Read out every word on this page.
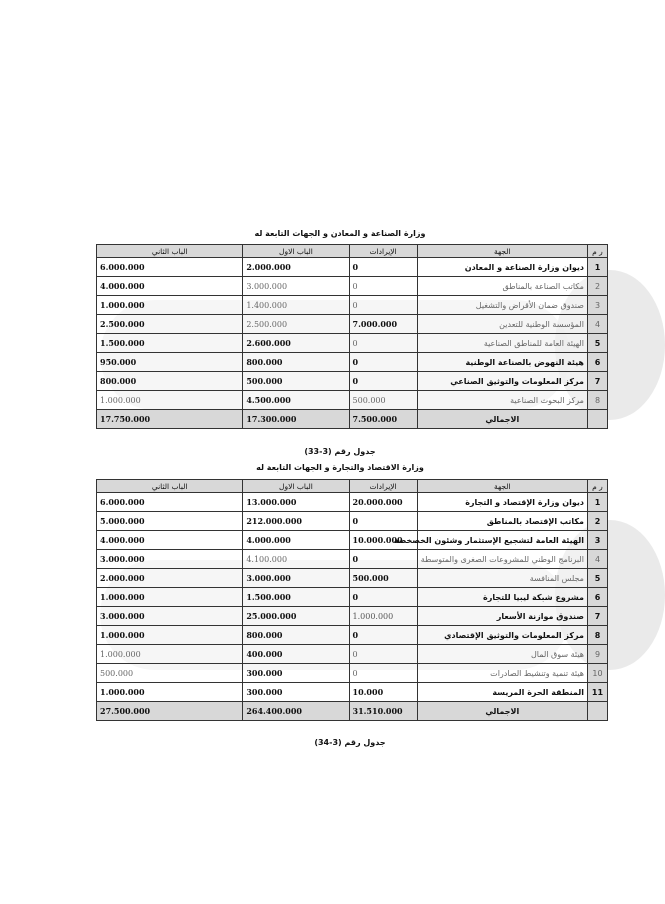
وزارة الصناعة و المعادن و الجهات التابعة له
ر م	الجهة	الإيرادات	الباب الاول	الباب الثاني
1	ديوان وزارة الصناعة و المعادن	0	2.000.000	6.000.000
2	مكاتب الصناعة بالمناطق	0	3.000.000	4.000.000
3	صندوق ضمان الأقراض والتشغيل	0	1.400.000	1.000.000
4	المؤسسة الوطنية للتعدين	7.000.000	2.500.000	2.500.000
5	الهيئة العامة للمناطق الصناعية	0	2.600.000	1.500.000
6	هيئة النهوض بالصناعة الوطنية	0	800.000	950.000
7	مركز المعلومات والتوثيق الصناعي	0	500.000	800.000
8	مركز البحوث الصناعية	500.000	4.500.000	1.000.000
	الاجمالي	7.500.000	17.300.000	17.750.000
جدول رقم (3-33)
وزارة الاقتصاد والتجارة و الجهات التابعة له
ر م	الجهة	الإيرادات	الباب الاول	الباب الثاني
1	ديوان وزارة الإقتصاد و التجارة	20.000.000	13.000.000	6.000.000
2	مكاتب الإقتصاد بالمناطق	0	212.000.000	5.000.000
3	الهيئة العامة لتشجيع الإستثمار وشئون الخصخصة	10.000.000	4.000.000	4.000.000
4	البرنامج الوطني للمشروعات الصغرى والمتوسطة	0	4.100.000	3.000.000
5	مجلس المنافسة	500.000	3.000.000	2.000.000
6	مشروع شبكة ليبيا للتجارة	0	1.500.000	1.000.000
7	صندوق موازنة الأسعار	1.000.000	25.000.000	3.000.000
8	مركز المعلومات والتوثيق الإقتصادي	0	800.000	1.000.000
9	هيئة سوق المال	0	400.000	1.000.000
10	هيئة تنمية وتنشيط الصادرات	0	300.000	500.000
11	المنطقة الحرة المريسة	10.000	300.000	1.000.000
	الاجمالي	31.510.000	264.400.000	27.500.000
جدول رقم (3-34)
